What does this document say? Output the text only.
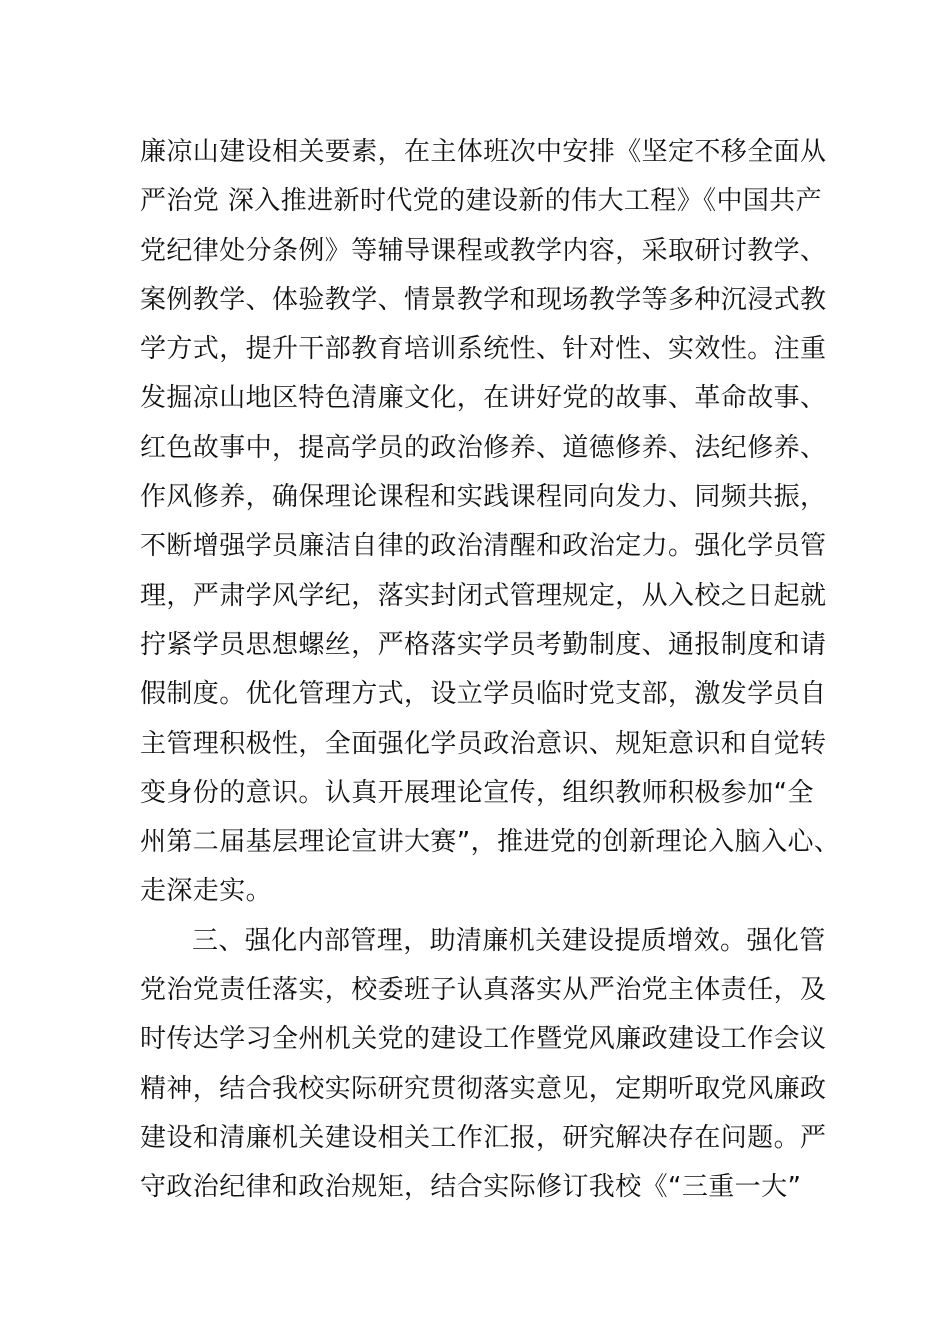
廉凉山建设相关要素，在主体班次中安排《坚定不移全面从
严治党 深入推进新时代党的建设新的伟大工程》《中国共产
党纪律处分条例》等辅导课程或教学内容，采取研讨教学、
案例教学、体验教学、情景教学和现场教学等多种沉浸式教
学方式，提升干部教育培训系统性、针对性、实效性。注重
发掘凉山地区特色清廉文化，在讲好党的故事、革命故事、
红色故事中，提高学员的政治修养、道德修养、法纪修养、
作风修养，确保理论课程和实践课程同向发力、同频共振，
不断增强学员廉洁自律的政治清醒和政治定力。强化学员管
理，严肃学风学纪，落实封闭式管理规定，从入校之日起就
拧紧学员思想螺丝，严格落实学员考勤制度、通报制度和请
假制度。优化管理方式，设立学员临时党支部，激发学员自
主管理积极性，全面强化学员政治意识、规矩意识和自觉转
变身份的意识。认真开展理论宣传，组织教师积极参加“全
州第二届基层理论宣讲大赛”，推进党的创新理论入脑入心、
走深走实。
三、强化内部管理，助清廉机关建设提质增效。强化管
党治党责任落实，校委班子认真落实从严治党主体责任，及
时传达学习全州机关党的建设工作暨党风廉政建设工作会议
精神，结合我校实际研究贯彻落实意见，定期听取党风廉政
建设和清廉机关建设相关工作汇报，研究解决存在问题。严
守政治纪律和政治规矩，结合实际修订我校《“三重一大”
